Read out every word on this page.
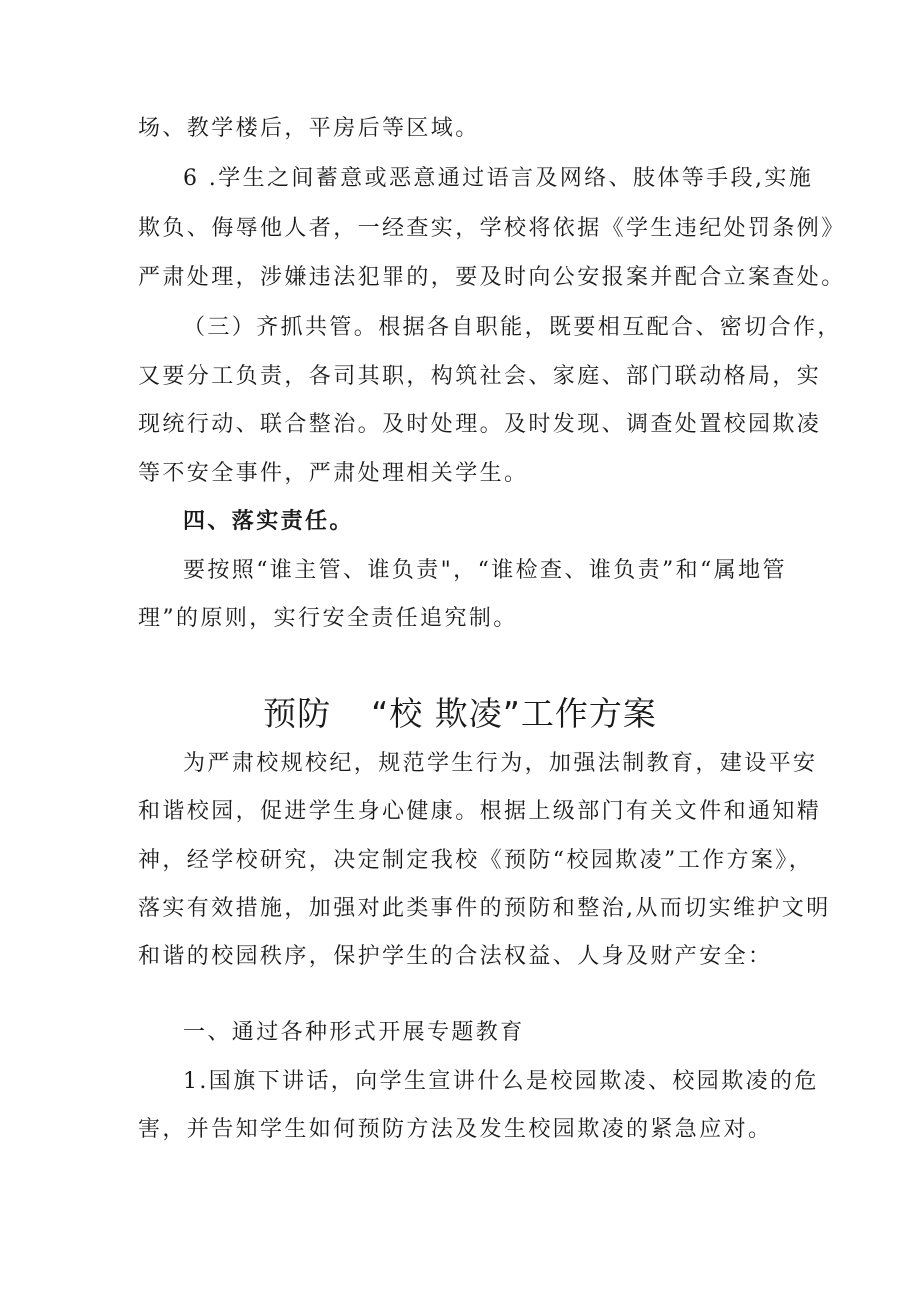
场、教学楼后，平房后等区域。
6 .学生之间蓄意或恶意通过语言及网络、肢体等手段,实施
欺负、侮辱他人者，一经查实，学校将依据《学生违纪处罚条例》
严肃处理，涉嫌违法犯罪的，要及时向公安报案并配合立案查处。
（三）齐抓共管。根据各自职能，既要相互配合、密切合作，
又要分工负责，各司其职，构筑社会、家庭、部门联动格局，实
现统行动、联合整治。及时处理。及时发现、调查处置校园欺凌
等不安全事件，严肃处理相关学生。
四、落实责任。
要按照“谁主管、谁负责"，“谁检查、谁负责”和“属地管
理”的原则，实行安全责任追究制。
预防 “校 欺凌”工作方案
为严肃校规校纪，规范学生行为，加强法制教育，建设平安
和谐校园，促进学生身心健康。根据上级部门有关文件和通知精
神，经学校研究，决定制定我校《预防“校园欺凌”工作方案》，
落实有效措施，加强对此类事件的预防和整治,从而切实维护文明
和谐的校园秩序，保护学生的合法权益、人身及财产安全：
一、通过各种形式开展专题教育
1.国旗下讲话，向学生宣讲什么是校园欺凌、校园欺凌的危
害，并告知学生如何预防方法及发生校园欺凌的紧急应对。
